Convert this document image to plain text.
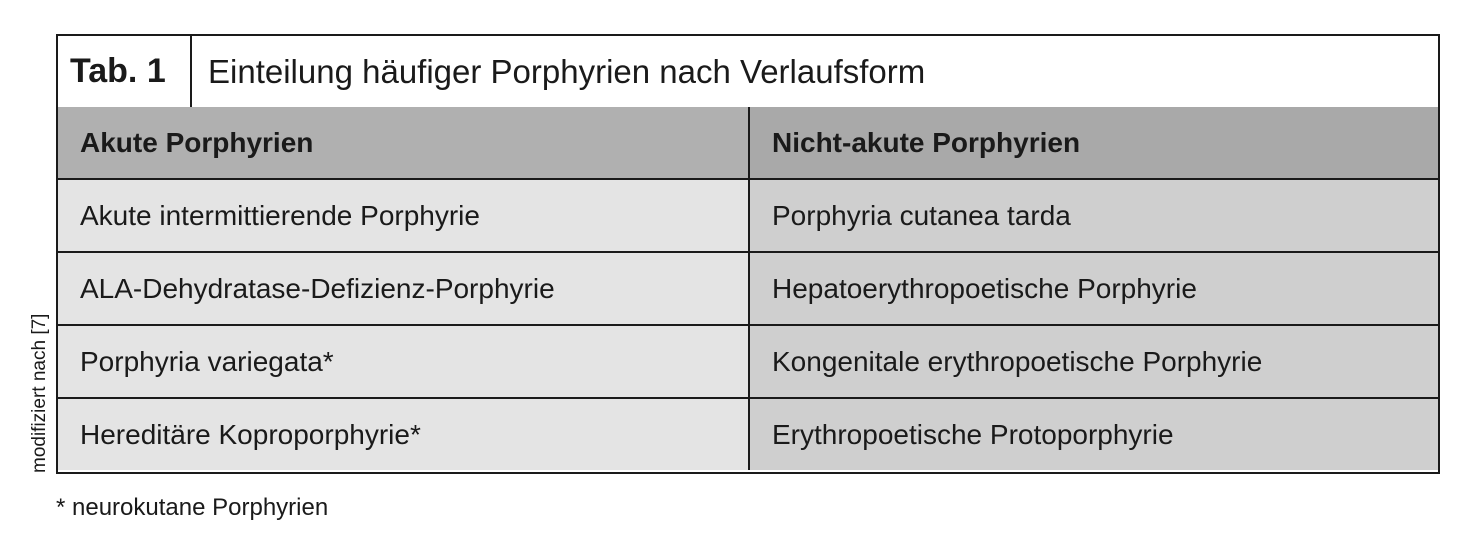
modifiziert nach [7]
Tab. 1	Einteilung häufiger Porphyrien nach Verlaufsform
Akute Porphyrien	Nicht-akute Porphyrien
Akute intermittierende Porphyrie	Porphyria cutanea tarda
ALA-Dehydratase-Defizienz-Porphyrie	Hepatoerythropoetische Porphyrie
Porphyria variegata*	Kongenitale erythropoetische Porphyrie
Hereditäre Koproporphyrie*	Erythropoetische Protoporphyrie
* neurokutane Porphyrien
